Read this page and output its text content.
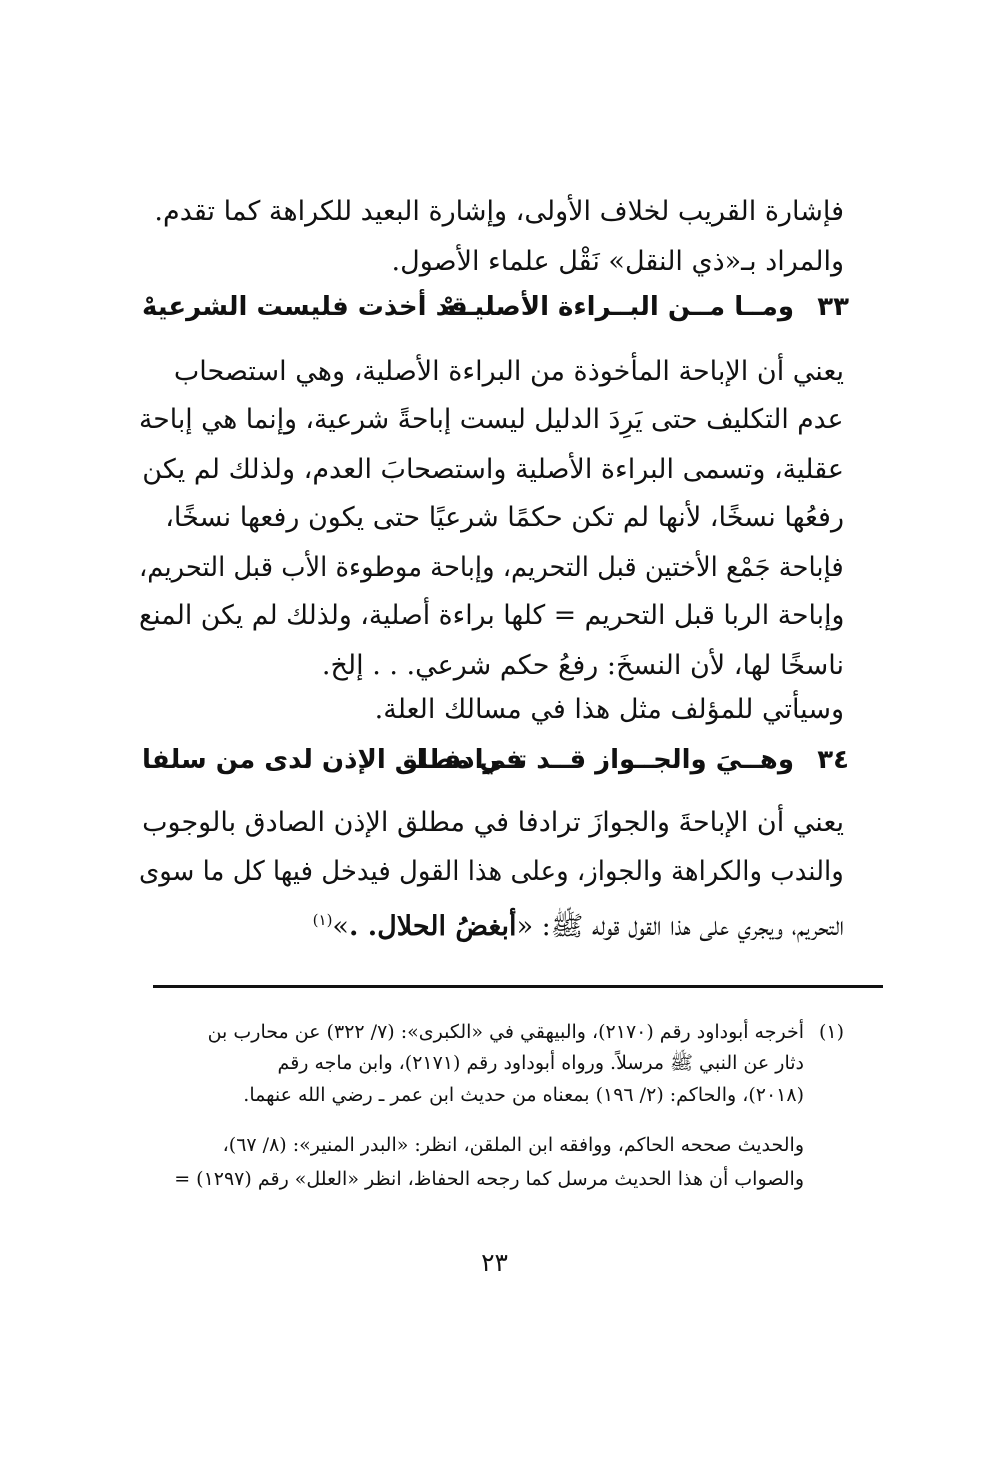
فإشارة القريب لخلاف الأولى، وإشارة البعيد للكراهة كما تقدم.
والمراد بـ«ذي النقل» نَقْل علماء الأصول.
٣٣
ومــا مــن البــراءة الأصليــهْ
قد أخذت فليست الشرعيهْ
يعني أن الإباحة المأخوذة من البراءة الأصلية، وهي استصحاب
عدم التكليف حتى يَرِدَ الدليل ليست إباحةً شرعية، وإنما هي إباحة
عقلية، وتسمى البراءة الأصلية واستصحابَ العدم، ولذلك لم يكن
رفعُها نسخًا، لأنها لم تكن حكمًا شرعيًا حتى يكون رفعها نسخًا،
فإباحة جَمْع الأختين قبل التحريم، وإباحة موطوءة الأب قبل التحريم،
وإباحة الربا قبل التحريم = كلها براءة أصلية، ولذلك لم يكن المنع
ناسخًا لها، لأن النسخَ: رفعُ حكم شرعي. . . إلخ.
وسيأتي للمؤلف مثل هذا في مسالك العلة.
٣٤
وهــيَ والجــواز قــد تــرادفــا
في مطلق الإذن لدى من سلفا
يعني أن الإباحةَ والجوازَ ترادفا في مطلق الإذن الصادق بالوجوب
والندب والكراهة والجواز، وعلى هذا القول فيدخل فيها كل ما سوى
التحريم، ويجري على هذا القول قوله ﷺ: «أبغضُ الحلال. .»$^{(١)}$
(١)
أخرجه أبوداود رقم (٢١٧٠)، والبيهقي في «الكبرى»: (٧/ ٣٢٢) عن محارب بن
دثار عن النبي ﷺ مرسلاً. ورواه أبوداود رقم (٢١٧١)، وابن ماجه رقم
(٢٠١٨)، والحاكم: (٢/ ١٩٦) بمعناه من حديث ابن عمر ـ رضي الله عنهما.
والحديث صححه الحاكم، ووافقه ابن الملقن، انظر: «البدر المنير»: (٨/ ٦٧)،
والصواب أن هذا الحديث مرسل كما رجحه الحفاظ، انظر «العلل» رقم (١٢٩٧) =
٢٣
